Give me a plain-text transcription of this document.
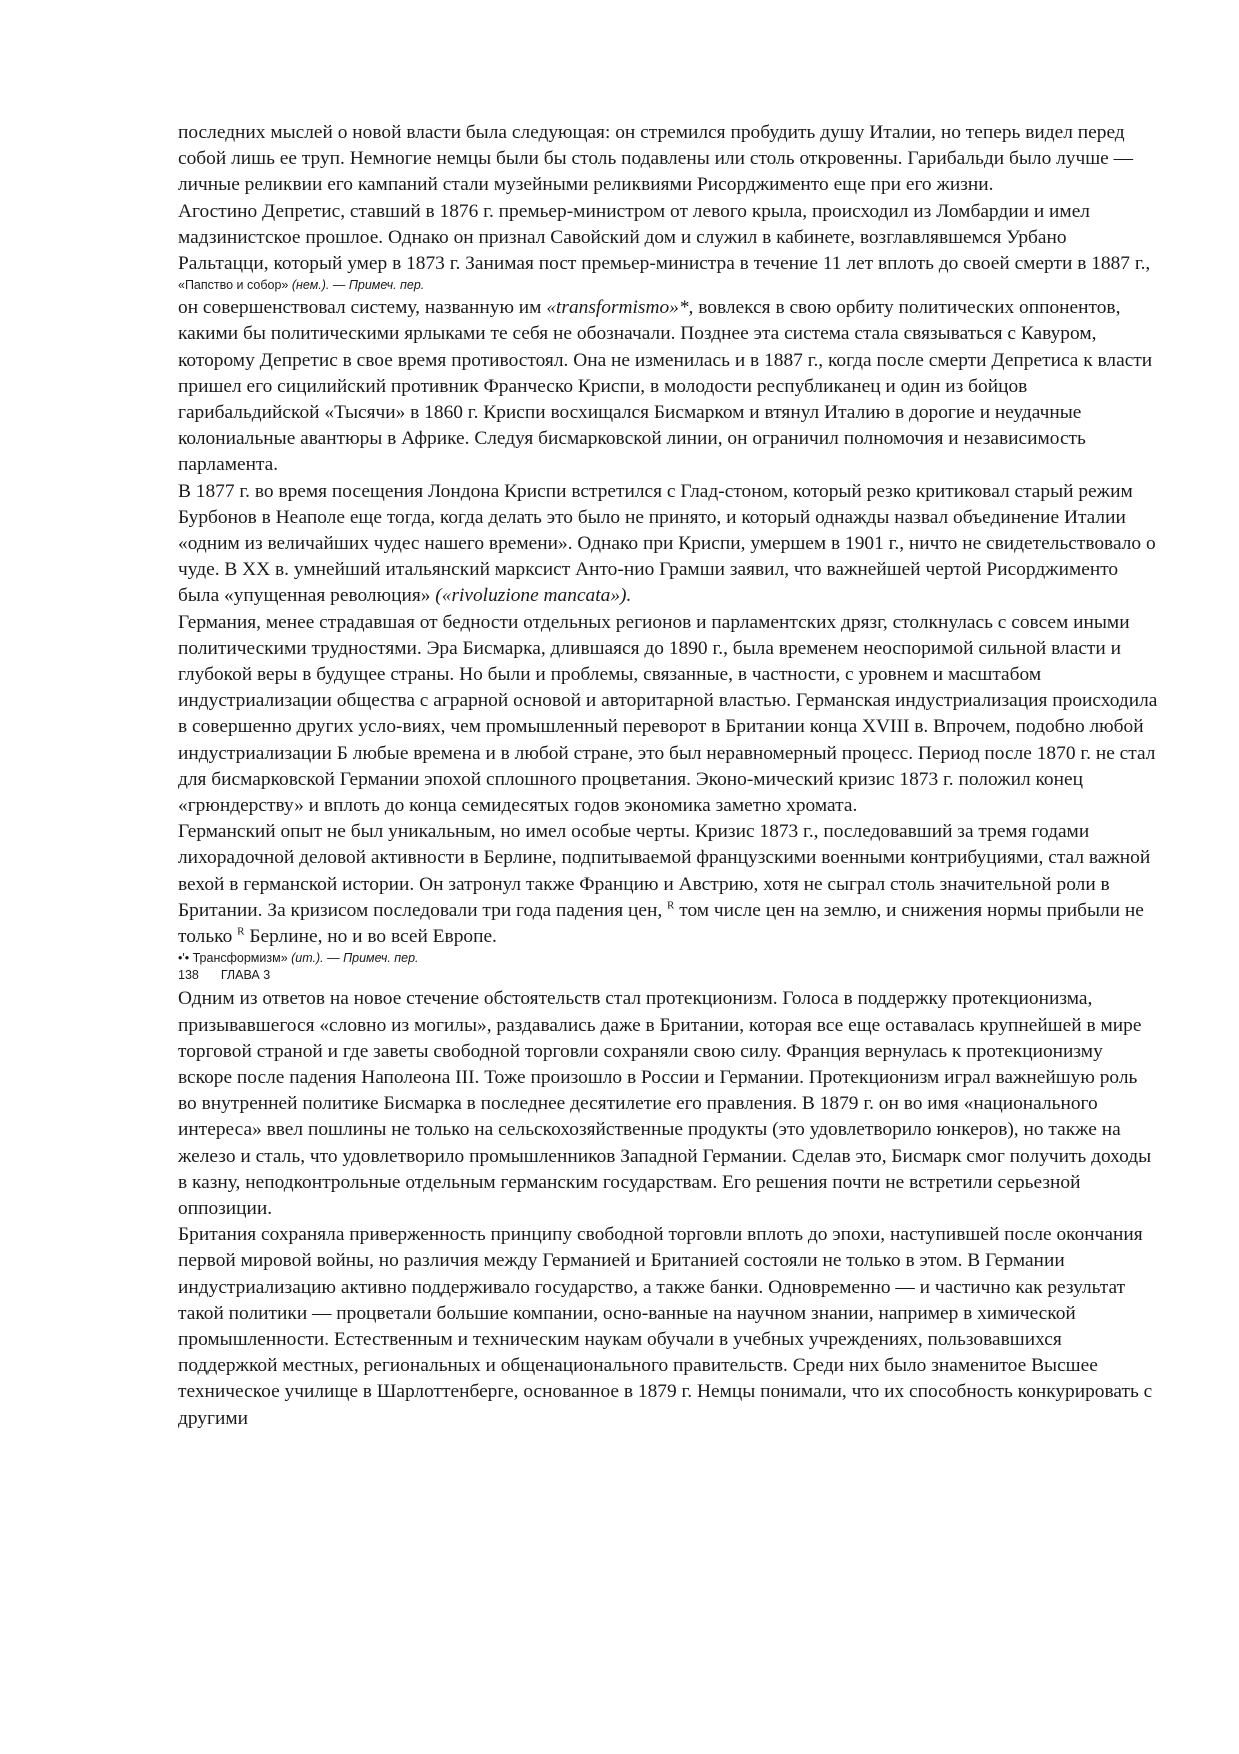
последних мыслей о новой власти была следующая: он стремился пробудить душу Италии, но теперь видел перед собой лишь ее труп. Немногие немцы были бы столь подавлены или столь откровенны. Гарибальди было лучше — личные реликвии его кампаний стали музейными реликвиями Рисорджименто еще при его жизни.

Агостино Депретис, ставший в 1876 г. премьер-министром от левого крыла, происходил из Ломбардии и имел мадзинистское прошлое. Однако он признал Савойский дом и служил в кабинете, возглавлявшемся Урбано Ральтацци, который умер в 1873 г. Занимая пост премьер-министра в течение 11 лет вплоть до своей смерти в 1887 г.,

«Папство и собор» (нем.). — Примеч. пер.

он совершенствовал систему, названную им «transformismo»*, вовлекся в свою орбиту политических оппонентов, какими бы политическими ярлыками те себя не обозначали. Позднее эта система стала связываться с Кавуром, которому Депретис в свое время противостоял. Она не изменилась и в 1887 г., когда после смерти Депретиса к власти пришел его сицилийский противник Франческо Криспи, в молодости республиканец и один из бойцов гарибальдийской «Тысячи» в 1860 г. Криспи восхищался Бисмарком и втянул Италию в дорогие и неудачные колониальные авантюры в Африке. Следуя бисмарковской линии, он ограничил полномочия и независимость парламента.

В 1877 г. во время посещения Лондона Криспи встретился с Глад-стоном, который резко критиковал старый режим Бурбонов в Неаполе еще тогда, когда делать это было не принято, и который однажды назвал объединение Италии «одним из величайших чудес нашего времени». Однако при Криспи, умершем в 1901 г., ничто не свидетельствовало о чуде. В XX в. умнейший итальянский марксист Анто-нио Грамши заявил, что важнейшей чертой Рисорджименто была «упущенная революция» («rivoluzione mancata»).

Германия, менее страдавшая от бедности отдельных регионов и парламентских дрязг, столкнулась с совсем иными политическими трудностями. Эра Бисмарка, длившаяся до 1890 г., была временем неоспоримой сильной власти и глубокой веры в будущее страны. Но были и проблемы, связанные, в частности, с уровнем и масштабом индустриализации общества с аграрной основой и авторитарной властью. Германская индустриализация происходила в совершенно других усло-виях, чем промышленный переворот в Британии конца XVIII в. Впрочем, подобно любой индустриализации Б любые времена и в любой стране, это был неравномерный процесс. Период после 1870 г. не стал для бисмарковской Германии эпохой сплошного процветания. Эконо-мический кризис 1873 г. положил конец «грюндерству» и вплоть до конца семидесятых годов экономика заметно хромата.

Германский опыт не был уникальным, но имел особые черты. Кризис 1873 г., последовавший за тремя годами лихорадочной деловой активности в Берлине, подпитываемой французскими военными контрибуциями, стал важной вехой в германской истории. Он затронул также Францию и Австрию, хотя не сыграл столь значительной роли в Британии. За кризисом последовали три года падения цен, $^R$ том числе цен на землю, и снижения нормы прибыли не только $^R$ Берлине, но и во всей Европе.

•'• Трансформизм» (ит.). — Примеч. пер.
138 ГЛАВА 3

Одним из ответов на новое стечение обстоятельств стал протекционизм. Голоса в поддержку протекционизма, призывавшегося «словно из могилы», раздавались даже в Британии, которая все еще оставалась крупнейшей в мире торговой страной и где заветы свободной торговли сохраняли свою силу. Франция вернулась к протекционизму вскоре после падения Наполеона III. Тоже произошло в России и Германии. Протекционизм играл важнейшую роль во внутренней политике Бисмарка в последнее десятилетие его правления. В 1879 г. он во имя «национального интереса» ввел пошлины не только на сельскохозяйственные продукты (это удовлетворило юнкеров), но также на железо и сталь, что удовлетворило промышленников Западной Германии. Сделав это, Бисмарк смог получить доходы в казну, неподконтрольные отдельным германским государствам. Его решения почти не встретили серьезной оппозиции.

Британия сохраняла приверженность принципу свободной торговли вплоть до эпохи, наступившей после окончания первой мировой войны, но различия между Германией и Британией состояли не только в этом. В Германии индустриализацию активно поддерживало государство, а также банки. Одновременно — и частично как результат такой политики — процветали большие компании, осно-ванные на научном знании, например в химической промышленности. Естественным и техническим наукам обучали в учебных учреждениях, пользовавшихся поддержкой местных, региональных и общенационального правительств. Среди них было знаменитое Высшее техническое училище в Шарлоттенберге, основанное в 1879 г. Немцы понимали, что их способность конкурировать с другими
